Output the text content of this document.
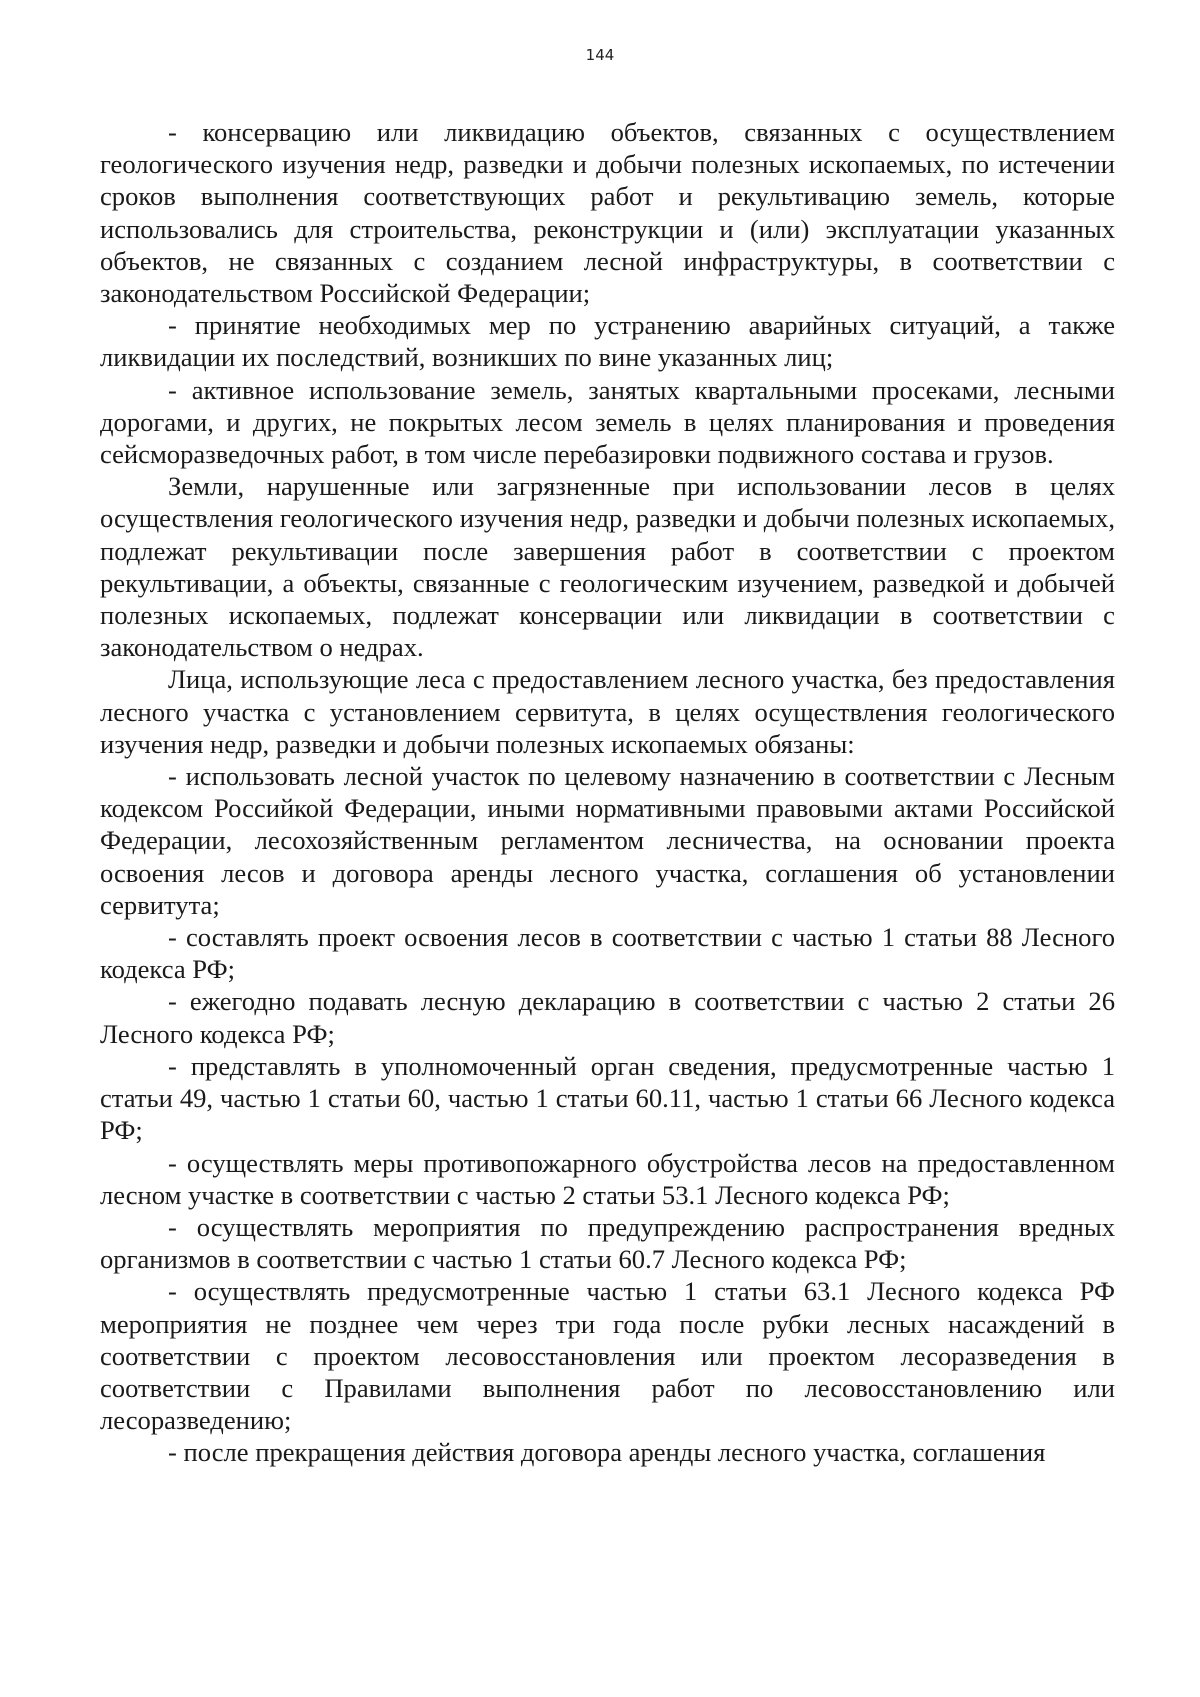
144

- консервацию или ликвидацию объектов, связанных с осуществлением геологического изучения недр, разведки и добычи полезных ископаемых, по истечении сроков выполнения соответствующих работ и рекультивацию земель, которые использовались для строительства, реконструкции и (или) эксплуатации указанных объектов, не связанных с созданием лесной инфраструктуры, в соответствии с законодательством Российской Федерации;

- принятие необходимых мер по устранению аварийных ситуаций, а также ликвидации их последствий, возникших по вине указанных лиц;

- активное использование земель, занятых квартальными просеками, лесными дорогами, и других, не покрытых лесом земель в целях планирования и проведения сейсморазведочных работ, в том числе перебазировки подвижного состава и грузов.

Земли, нарушенные или загрязненные при использовании лесов в целях осуществления геологического изучения недр, разведки и добычи полезных ископаемых, подлежат рекультивации после завершения работ в соответствии с проектом рекультивации, а объекты, связанные с геологическим изучением, разведкой и добычей полезных ископаемых, подлежат консервации или ликвидации в соответствии с законодательством о недрах.

Лица, использующие леса с предоставлением лесного участка, без предоставления лесного участка с установлением сервитута, в целях осуществления геологического изучения недр, разведки и добычи полезных ископаемых обязаны:

- использовать лесной участок по целевому назначению в соответствии с Лесным кодексом Российкой Федерации, иными нормативными правовыми актами Российской Федерации, лесохозяйственным регламентом лесничества, на основании проекта освоения лесов и договора аренды лесного участка, соглашения об установлении сервитута;

- составлять проект освоения лесов в соответствии с частью 1 статьи 88 Лесного кодекса РФ;

- ежегодно подавать лесную декларацию в соответствии с частью 2 статьи 26 Лесного кодекса РФ;

- представлять в уполномоченный орган сведения, предусмотренные частью 1 статьи 49, частью 1 статьи 60, частью 1 статьи 60.11, частью 1 статьи 66 Лесного кодекса РФ;

- осуществлять меры противопожарного обустройства лесов на предоставленном лесном участке в соответствии с частью 2 статьи 53.1 Лесного кодекса РФ;

- осуществлять мероприятия по предупреждению распространения вредных организмов в соответствии с частью 1 статьи 60.7 Лесного кодекса РФ;

- осуществлять предусмотренные частью 1 статьи 63.1 Лесного кодекса РФ мероприятия не позднее чем через три года после рубки лесных насаждений в соответствии с проектом лесовосстановления или проектом лесоразведения в соответствии с Правилами выполнения работ по лесовосстановлению или лесоразведению;

- после прекращения действия договора аренды лесного участка, соглашения
